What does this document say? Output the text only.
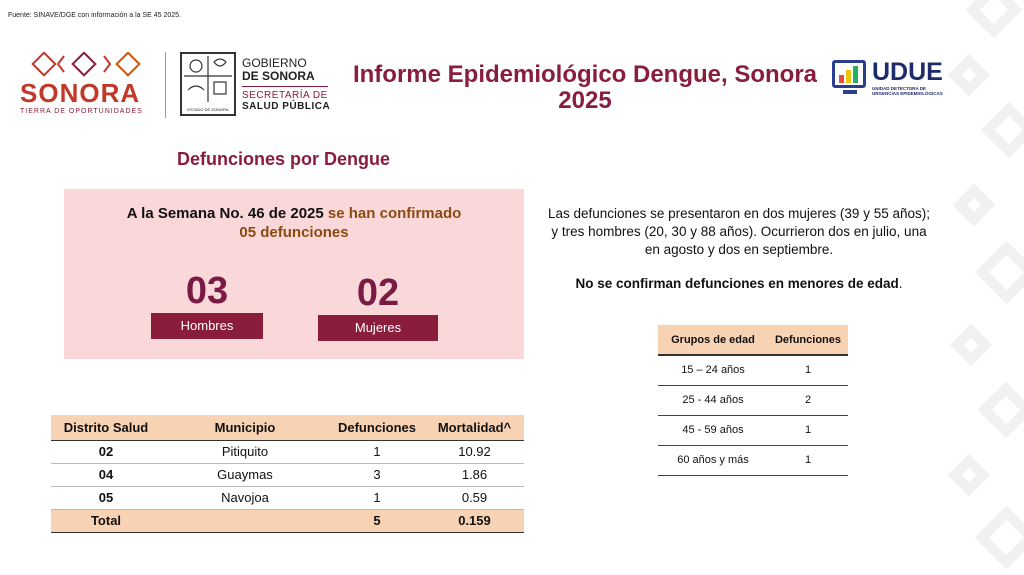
Fuente: SINAVE/DGE con información a la SE 45 2025.
SONORA
TIERRA DE OPORTUNIDADES	ESTADO DE SONORA
GOBIERNO
DE SONORA
SECRETARÍA DE
SALUD PÚBLICA
Informe Epidemiológico Dengue, Sonora 2025
UDUE
UNIDAD DETECTORA DE
URGENCIAS EPIDEMIOLÓGICAS
Defunciones por Dengue
A la Semana No. 46 de 2025 se han confirmado
05 defunciones
03
Hombres
02
Mujeres
Las defunciones se presentaron en dos mujeres (39 y 55 años); y tres hombres (20, 30 y 88 años). Ocurrieron dos en julio, una en agosto y dos en septiembre.
No se confirman defunciones en menores de edad.
Grupos de edad	Defunciones
15 – 24 años	1
25 - 44 años	2
45 - 59 años	1
60 años y más	1
Distrito Salud	Municipio	Defunciones	Mortalidad^
02	Pitiquito	1	10.92
04	Guaymas	3	1.86
05	Navojoa	1	0.59
Total		5	0.159
